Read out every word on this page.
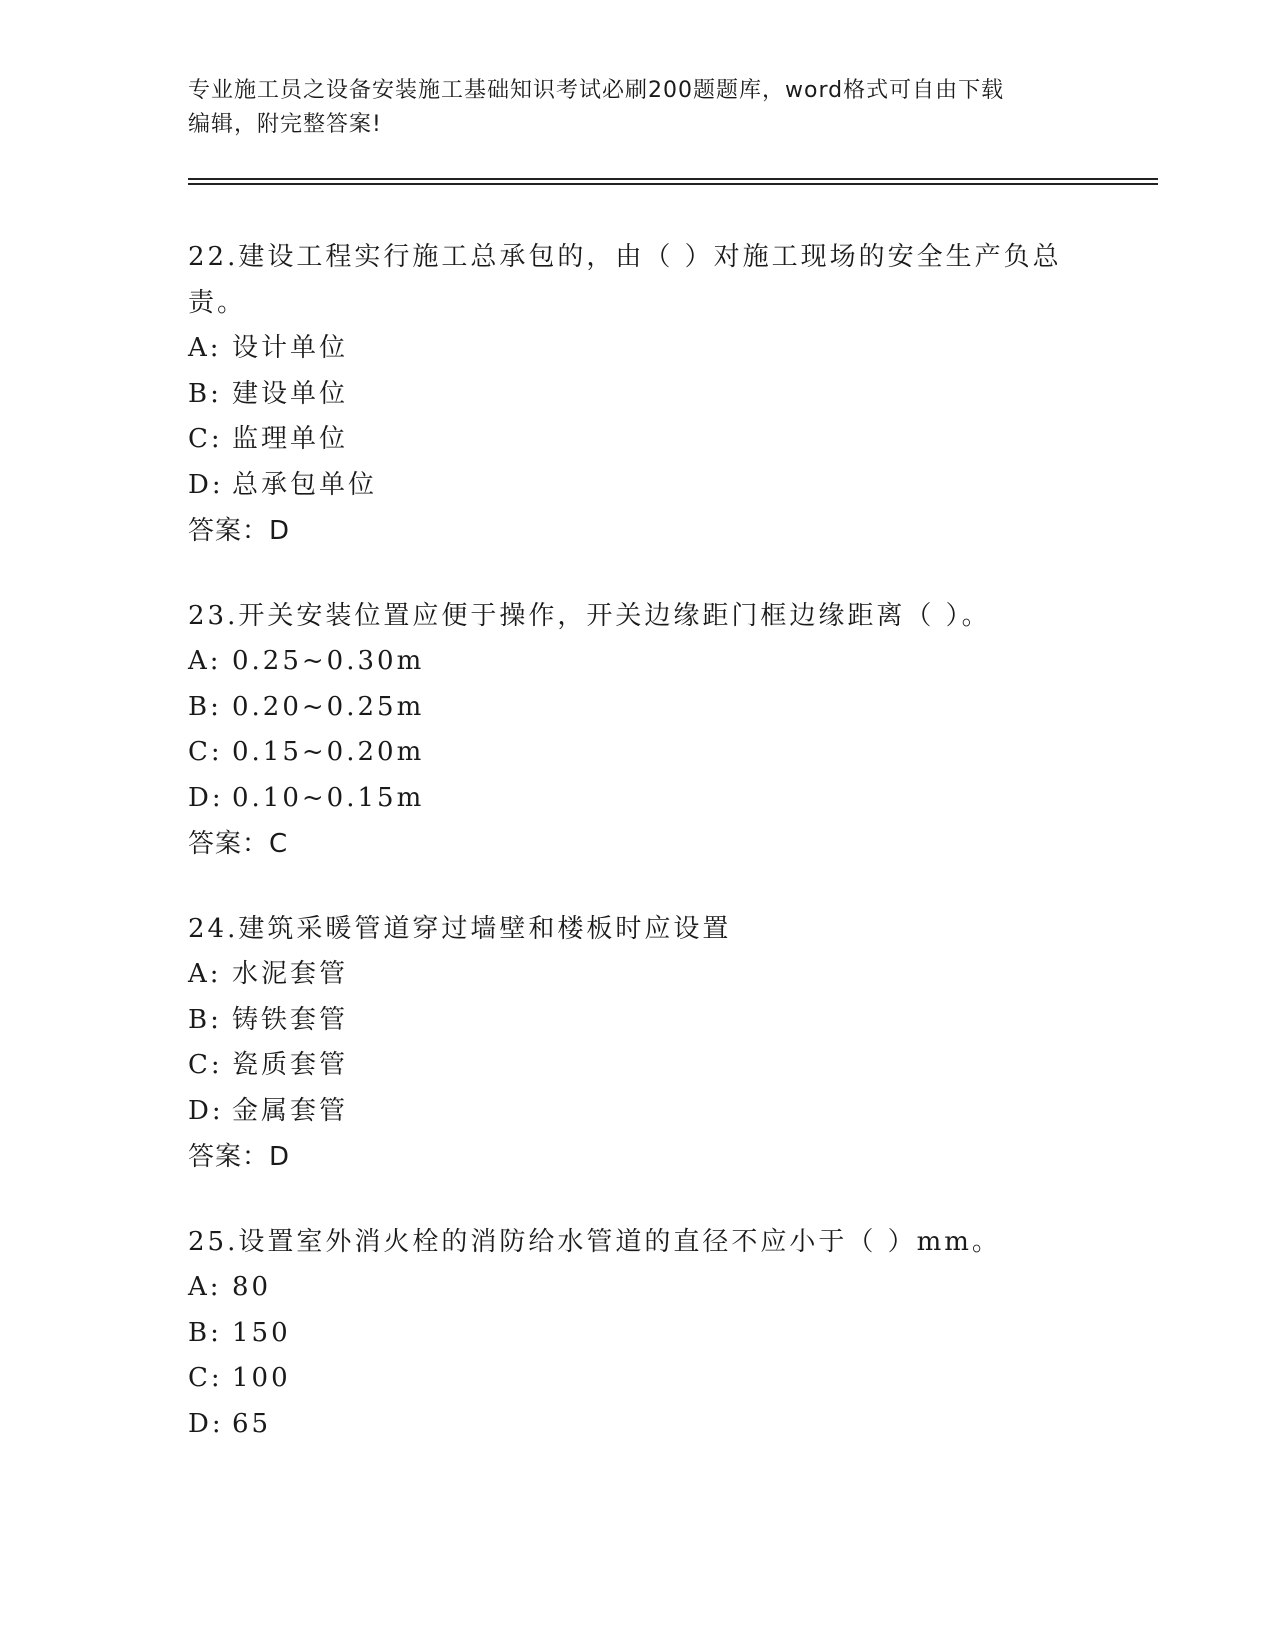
专业施工员之设备安装施工基础知识考试必刷200题题库，word格式可自由下载
编辑，附完整答案!
22.建设工程实行施工总承包的，由（ ）对施工现场的安全生产负总
责。
A: 设计单位
B: 建设单位
C: 监理单位
D: 总承包单位
答案：D
23.开关安装位置应便于操作，开关边缘距门框边缘距离（ ）。
A: 0.25~0.30m
B: 0.20~0.25m
C: 0.15~0.20m
D: 0.10~0.15m
答案：C
24.建筑采暖管道穿过墙壁和楼板时应设置
A: 水泥套管
B: 铸铁套管
C: 瓷质套管
D: 金属套管
答案：D
25.设置室外消火栓的消防给水管道的直径不应小于（ ）mm。
A: 80
B: 150
C: 100
D: 65
